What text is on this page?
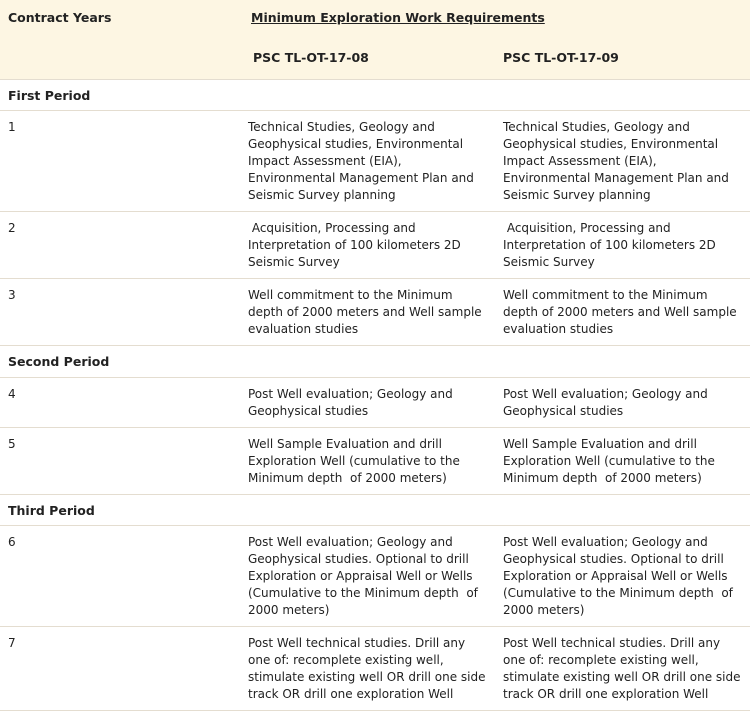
Contract Years	Minimum Exploration Work Requirements	
	PSC TL-OT-17-08	PSC TL-OT-17-09
First Period		
1	Technical Studies, Geology and Geophysical studies, Environmental Impact Assessment (EIA), Environmental Management Plan and Seismic Survey planning	Technical Studies, Geology and Geophysical studies, Environmental Impact Assessment (EIA), Environmental Management Plan and Seismic Survey planning
2	Acquisition, Processing and Interpretation of 100 kilometers 2D Seismic Survey	Acquisition, Processing and Interpretation of 100 kilometers 2D Seismic Survey
3	Well commitment to the Minimum depth of 2000 meters and Well sample evaluation studies	Well commitment to the Minimum depth of 2000 meters and Well sample evaluation studies
Second Period		
4	Post Well evaluation; Geology and Geophysical studies	Post Well evaluation; Geology and Geophysical studies
5	Well Sample Evaluation and drill Exploration Well (cumulative to the Minimum depth  of 2000 meters)	Well Sample Evaluation and drill Exploration Well (cumulative to the Minimum depth  of 2000 meters)
Third Period		
6	Post Well evaluation; Geology and Geophysical studies. Optional to drill Exploration or Appraisal Well or Wells (Cumulative to the Minimum depth  of 2000 meters)	Post Well evaluation; Geology and Geophysical studies. Optional to drill Exploration or Appraisal Well or Wells (Cumulative to the Minimum depth  of 2000 meters)
7	Post Well technical studies. Drill any one of: recomplete existing well, stimulate existing well OR drill one side track OR drill one exploration Well	Post Well technical studies. Drill any one of: recomplete existing well, stimulate existing well OR drill one side track OR drill one exploration Well
